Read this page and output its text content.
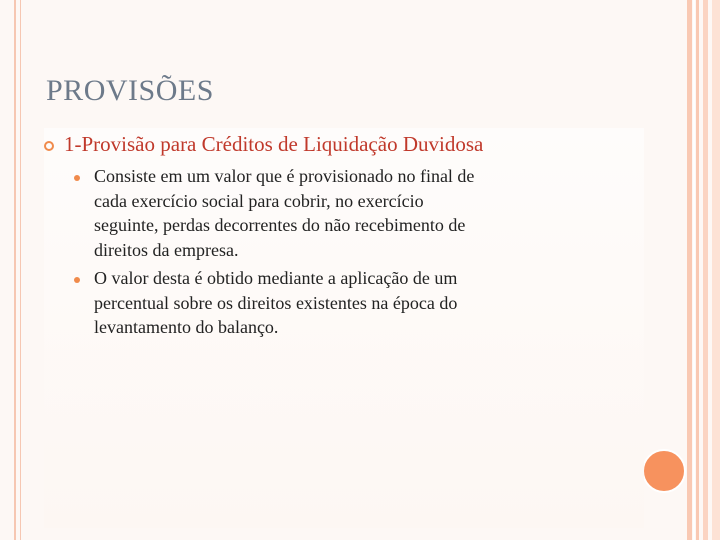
PROVISÕES
1-Provisão para Créditos de Liquidação Duvidosa
Consiste em um valor que é provisionado no final de
cada exercício social para cobrir, no exercício
seguinte, perdas decorrentes do não recebimento de
direitos da empresa.
O valor desta é obtido mediante a aplicação de um
percentual sobre os direitos existentes na época do
levantamento do balanço.
